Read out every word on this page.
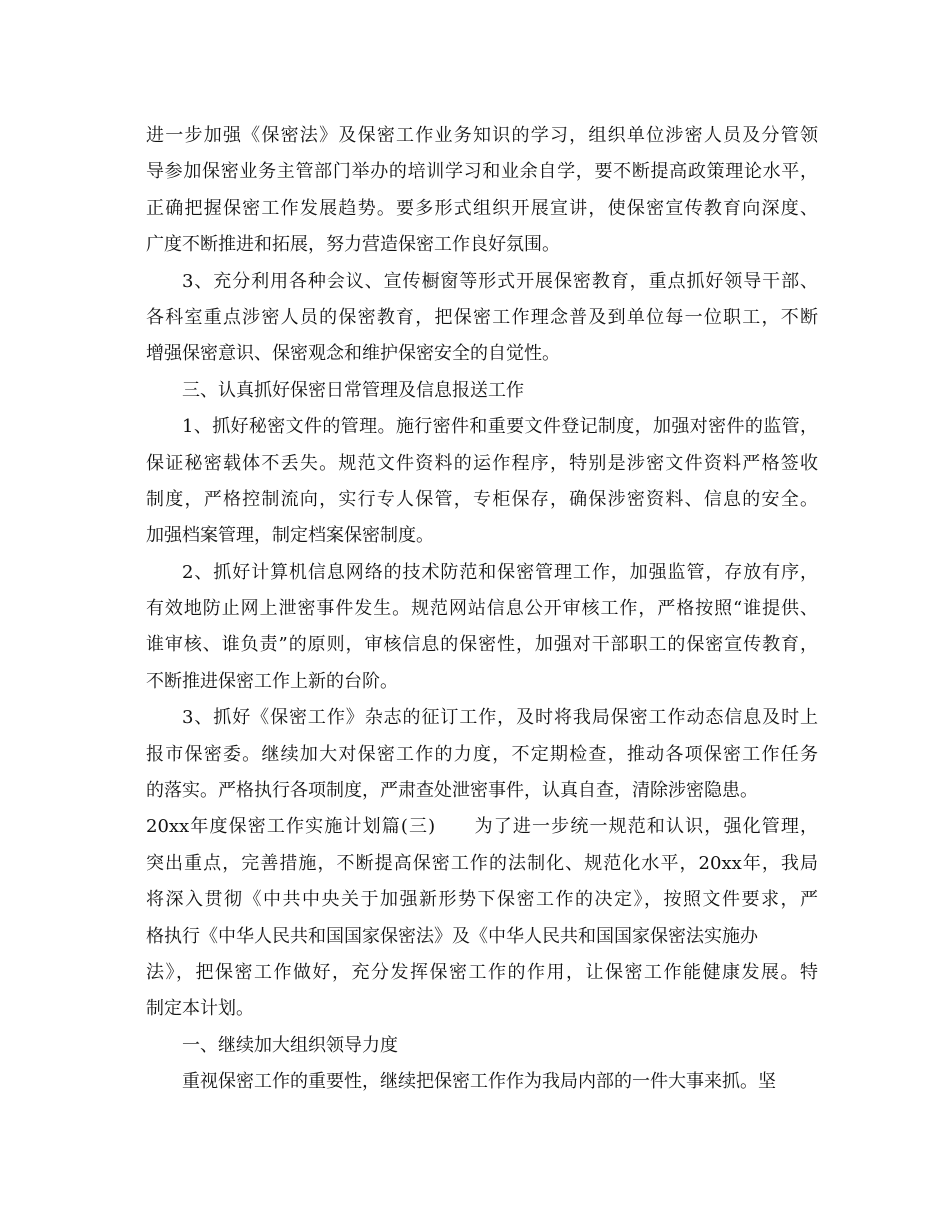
进一步加强《保密法》及保密工作业务知识的学习，组织单位涉密人员及分管领
导参加保密业务主管部门举办的培训学习和业余自学，要不断提高政策理论水平，
正确把握保密工作发展趋势。要多形式组织开展宣讲，使保密宣传教育向深度、
广度不断推进和拓展，努力营造保密工作良好氛围。
3、充分利用各种会议、宣传橱窗等形式开展保密教育，重点抓好领导干部、
各科室重点涉密人员的保密教育，把保密工作理念普及到单位每一位职工，不断
增强保密意识、保密观念和维护保密安全的自觉性。
三、认真抓好保密日常管理及信息报送工作
1、抓好秘密文件的管理。施行密件和重要文件登记制度，加强对密件的监管，
保证秘密载体不丢失。规范文件资料的运作程序，特别是涉密文件资料严格签收
制度，严格控制流向，实行专人保管，专柜保存，确保涉密资料、信息的安全。
加强档案管理，制定档案保密制度。
2、抓好计算机信息网络的技术防范和保密管理工作，加强监管，存放有序，
有效地防止网上泄密事件发生。规范网站信息公开审核工作，严格按照“谁提供、
谁审核、谁负责”的原则，审核信息的保密性，加强对干部职工的保密宣传教育，
不断推进保密工作上新的台阶。
3、抓好《保密工作》杂志的征订工作，及时将我局保密工作动态信息及时上
报市保密委。继续加大对保密工作的力度，不定期检查，推动各项保密工作任务
的落实。严格执行各项制度，严肃查处泄密事件，认真自查，清除涉密隐患。
20xx年度保密工作实施计划篇(三)　　为了进一步统一规范和认识，强化管理，
突出重点，完善措施，不断提高保密工作的法制化、规范化水平，20xx年，我局
将深入贯彻《中共中央关于加强新形势下保密工作的决定》，按照文件要求，严
格执行《中华人民共和国国家保密法》及《中华人民共和国国家保密法实施办
法》，把保密工作做好，充分发挥保密工作的作用，让保密工作能健康发展。特
制定本计划。
一、继续加大组织领导力度
重视保密工作的重要性，继续把保密工作作为我局内部的一件大事来抓。坚
